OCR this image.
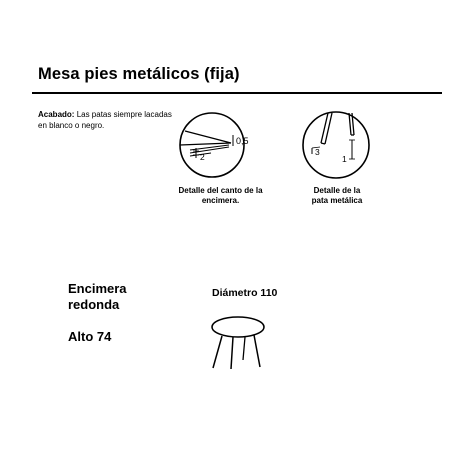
Mesa pies metálicos (fija)
Acabado: Las patas siempre lacadas en blanco o negro.
0,5
2
Detalle del canto de la
encimera.
3
1
Detalle de la
pata metálica
Encimera
redonda
Alto 74
Diámetro 110
